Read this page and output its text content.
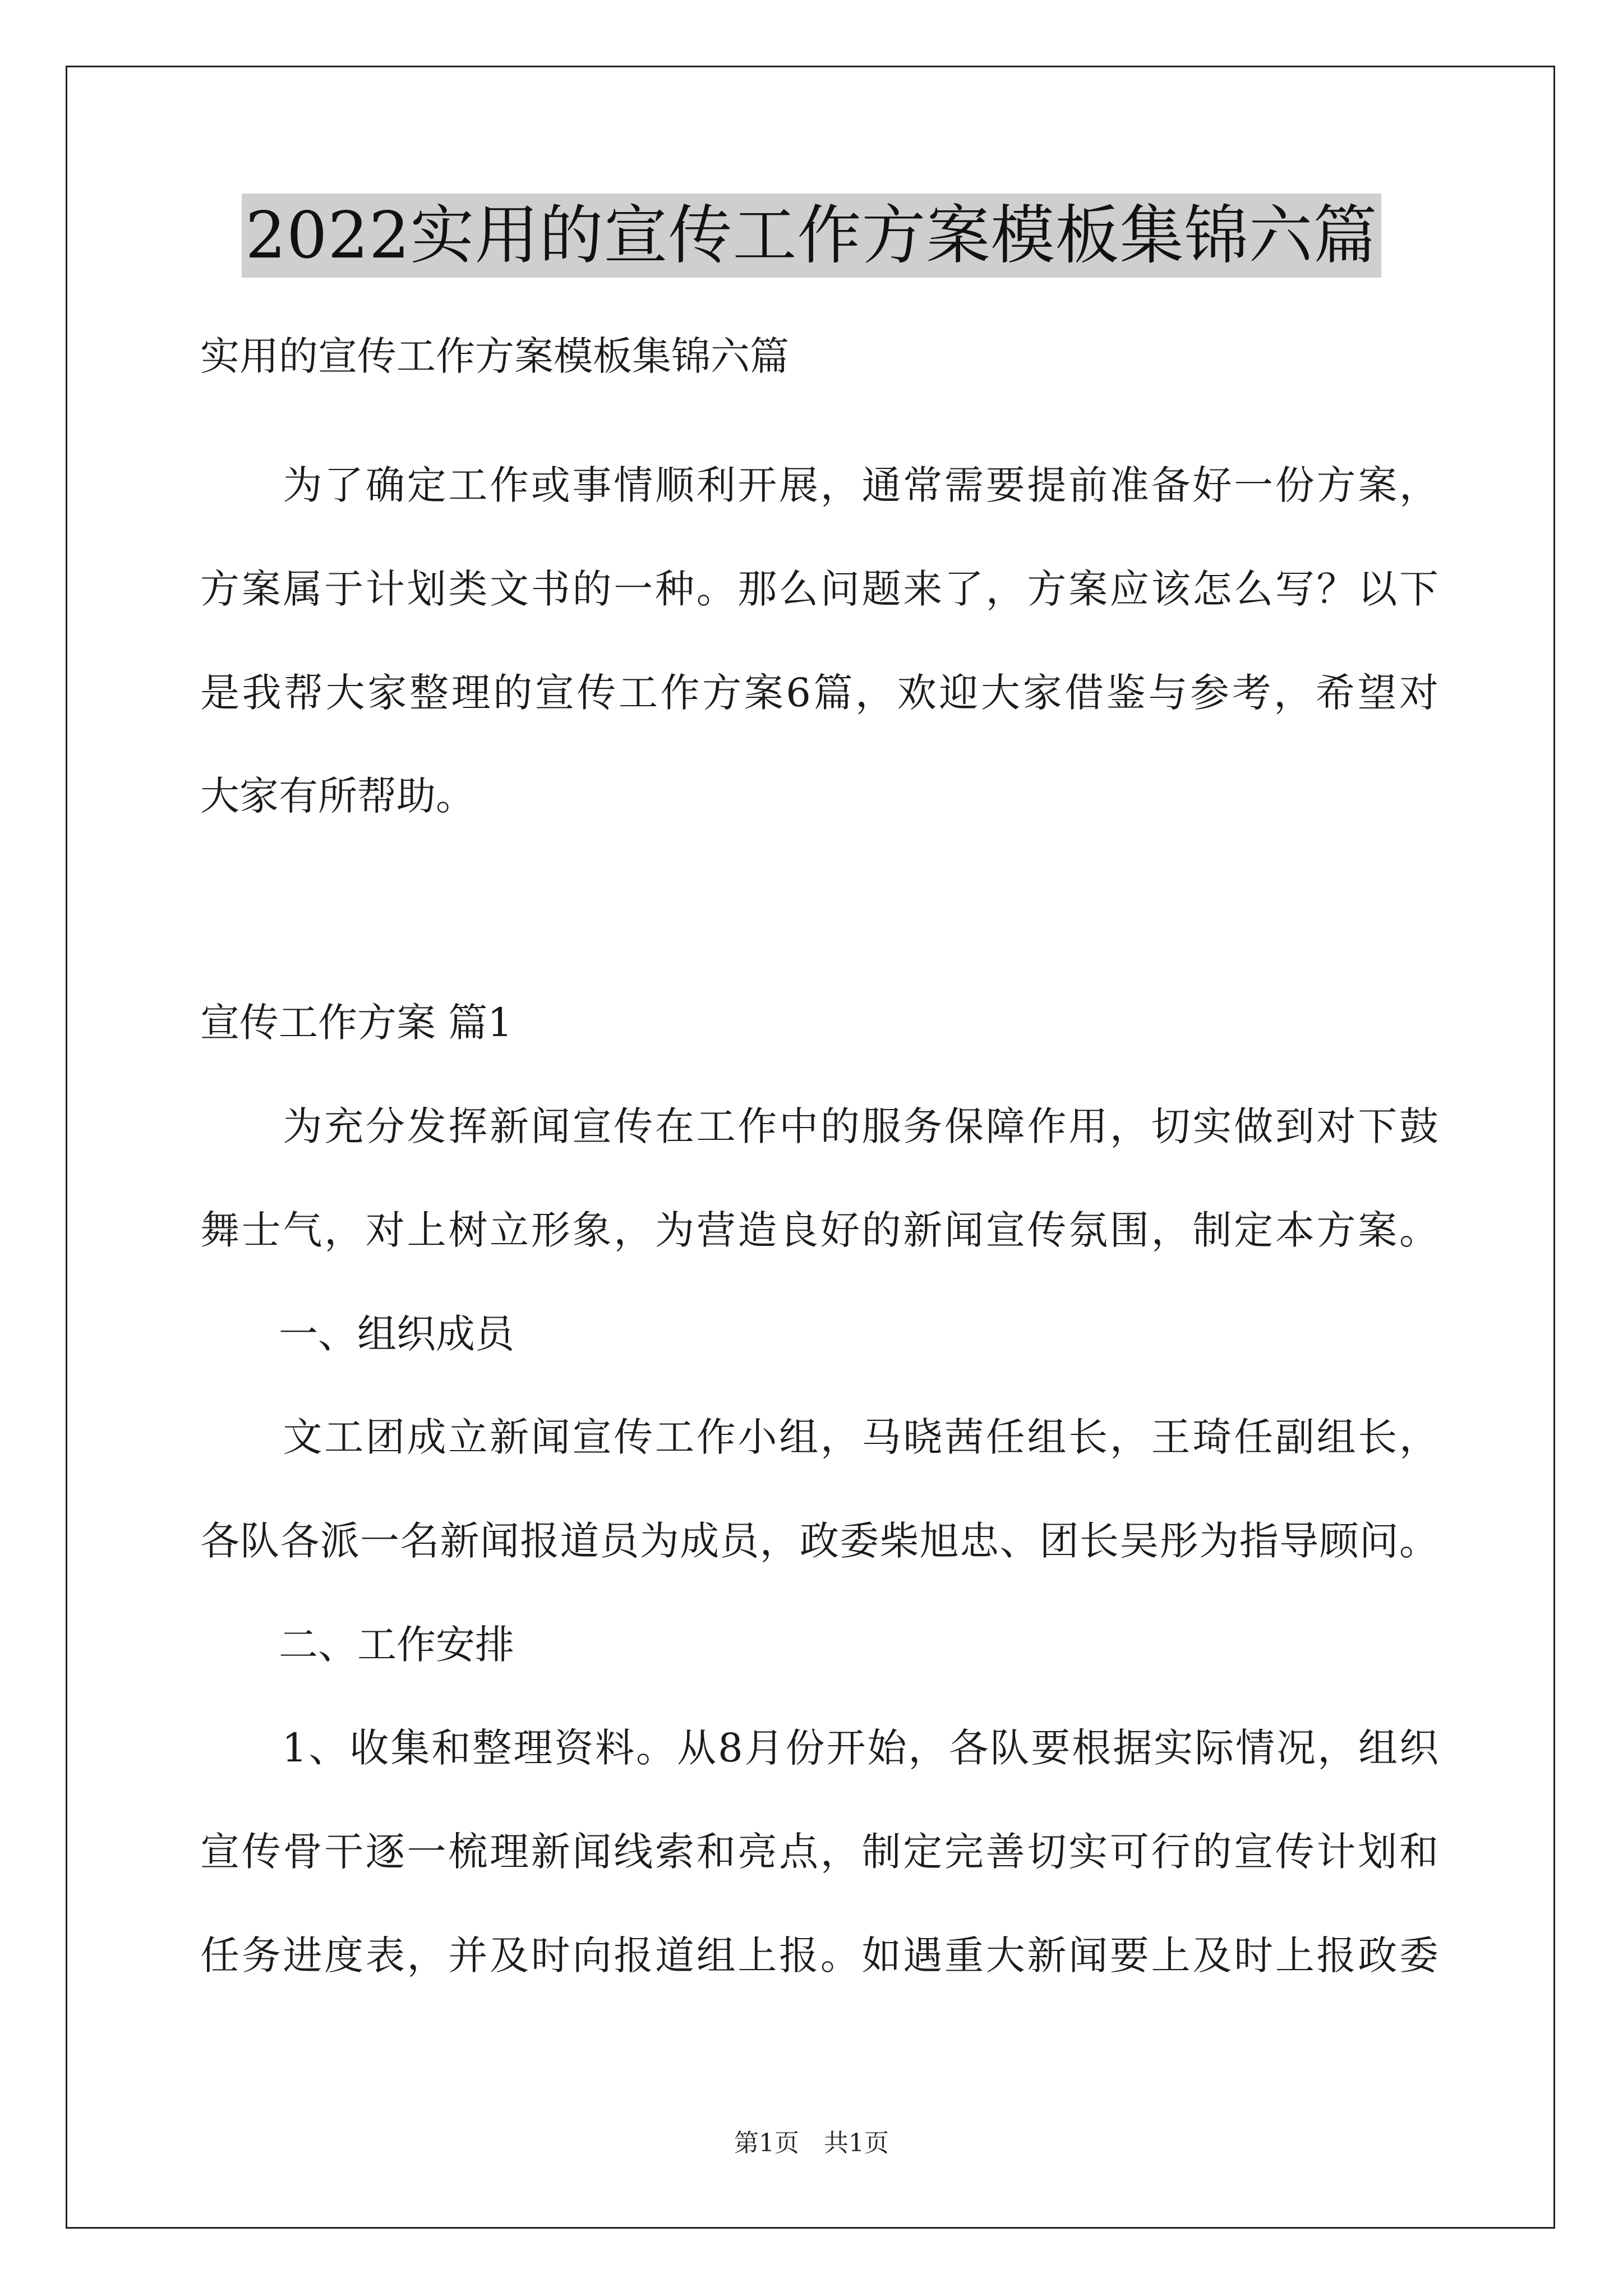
2022实用的宣传工作方案模板集锦六篇
实用的宣传工作方案模板集锦六篇
　　为了确定工作或事情顺利开展，通常需要提前准备好一份方案，
方案属于计划类文书的一种。那么问题来了，方案应该怎么写？以下
是我帮大家整理的宣传工作方案6篇，欢迎大家借鉴与参考，希望对
大家有所帮助。
宣传工作方案 篇1
　　为充分发挥新闻宣传在工作中的服务保障作用，切实做到对下鼓
舞士气，对上树立形象，为营造良好的新闻宣传氛围，制定本方案。
　　一、组织成员
　　文工团成立新闻宣传工作小组，马晓茜任组长，王琦任副组长，
各队各派一名新闻报道员为成员，政委柴旭忠、团长吴彤为指导顾问。
　　二、工作安排
　　1、收集和整理资料。从8月份开始，各队要根据实际情况，组织
宣传骨干逐一梳理新闻线索和亮点，制定完善切实可行的宣传计划和
任务进度表，并及时向报道组上报。如遇重大新闻要上及时上报政委
第1页　共1页
